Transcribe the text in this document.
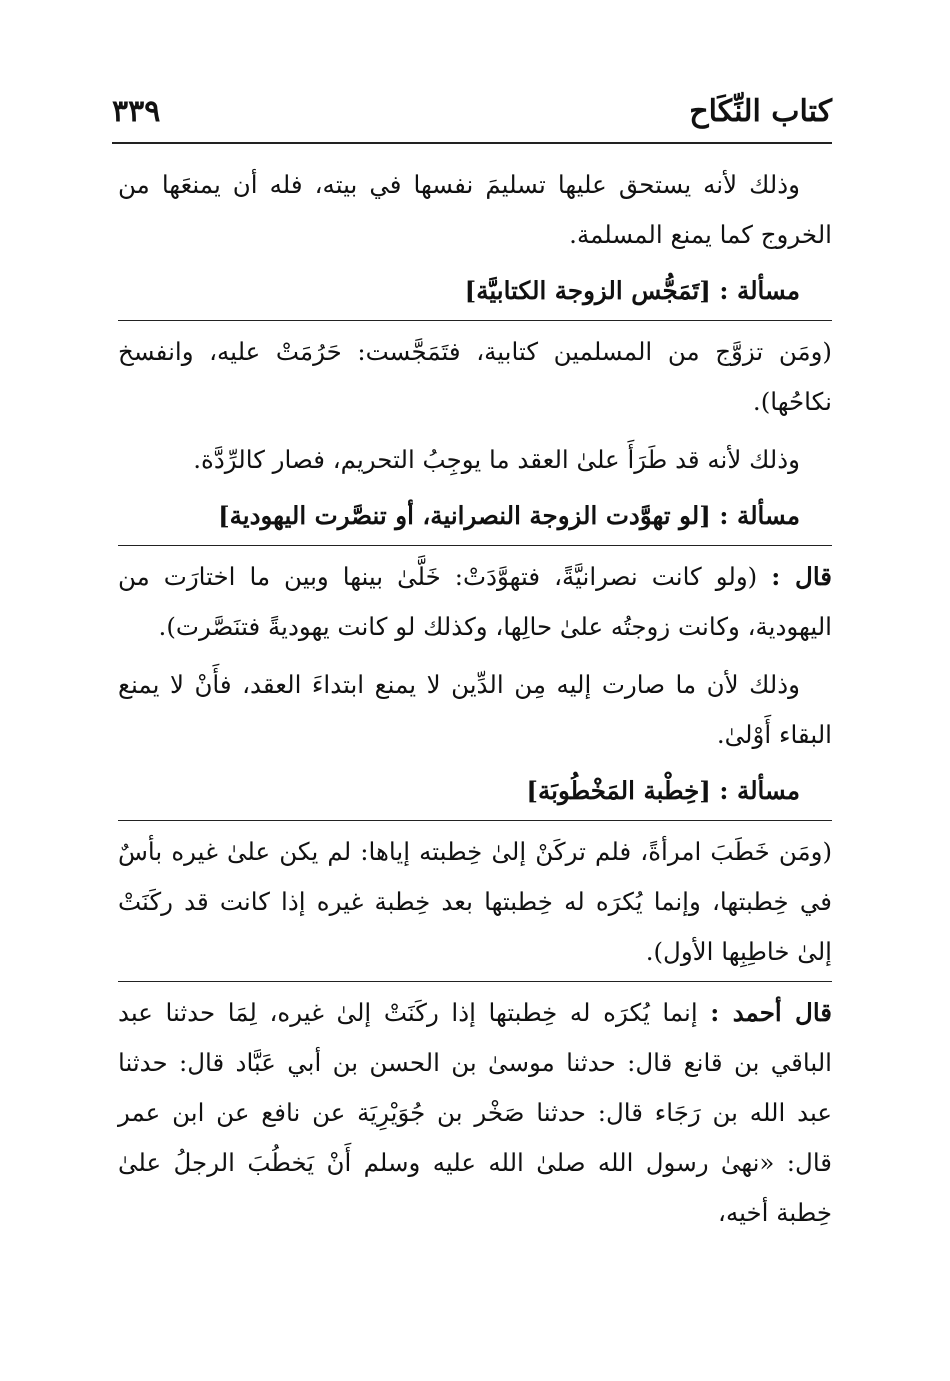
كتاب النِّكَاح
٣٣٩

وذلك لأنه يستحق عليها تسليمَ نفسها في بيته، فله أن يمنعَها من الخروج كما يمنع المسلمة.

مسألة : [تَمَجُّس الزوجة الكتابيَّة]

(ومَن تزوَّج من المسلمين كتابية، فتَمَجَّست: حَرُمَتْ عليه، وانفسخ نكاحُها).

وذلك لأنه قد طَرَأَ علىٰ العقد ما يوجِبُ التحريم، فصار كالرِّدَّة.

مسألة : [لو تهوَّدت الزوجة النصرانية، أو تنصَّرت اليهودية]

قال : (ولو كانت نصرانيَّةً، فتهوَّدَتْ: خَلَّىٰ بينها وبين ما اختارَت من اليهودية، وكانت زوجتُه علىٰ حالِها، وكذلك لو كانت يهوديةً فتنَصَّرت).

وذلك لأن ما صارت إليه مِن الدِّين لا يمنع ابتداءَ العقد، فأَنْ لا يمنع البقاء أَوْلىٰ.

مسألة : [خِطْبة المَخْطُوبَة]

(ومَن خَطَبَ امرأةً، فلم تركَنْ إلىٰ خِطبته إياها: لم يكن علىٰ غيره بأسٌ في خِطبتها، وإنما يُكرَه له خِطبتها بعد خِطبة غيره إذا كانت قد ركَنَتْ إلىٰ خاطِبِها الأول).

قال أحمد : إنما يُكرَه له خِطبتها إذا ركَنَتْ إلىٰ غيره، لِمَا حدثنا عبد الباقي بن قانع قال: حدثنا موسىٰ بن الحسن بن أبي عَبَّاد قال: حدثنا عبد الله بن رَجَاء قال: حدثنا صَخْر بن جُوَيْرِيَة عن نافع عن ابن عمر قال: «نهىٰ رسول الله صلىٰ الله عليه وسلم أَنْ يَخطُبَ الرجلُ علىٰ خِطبة أخيه،
